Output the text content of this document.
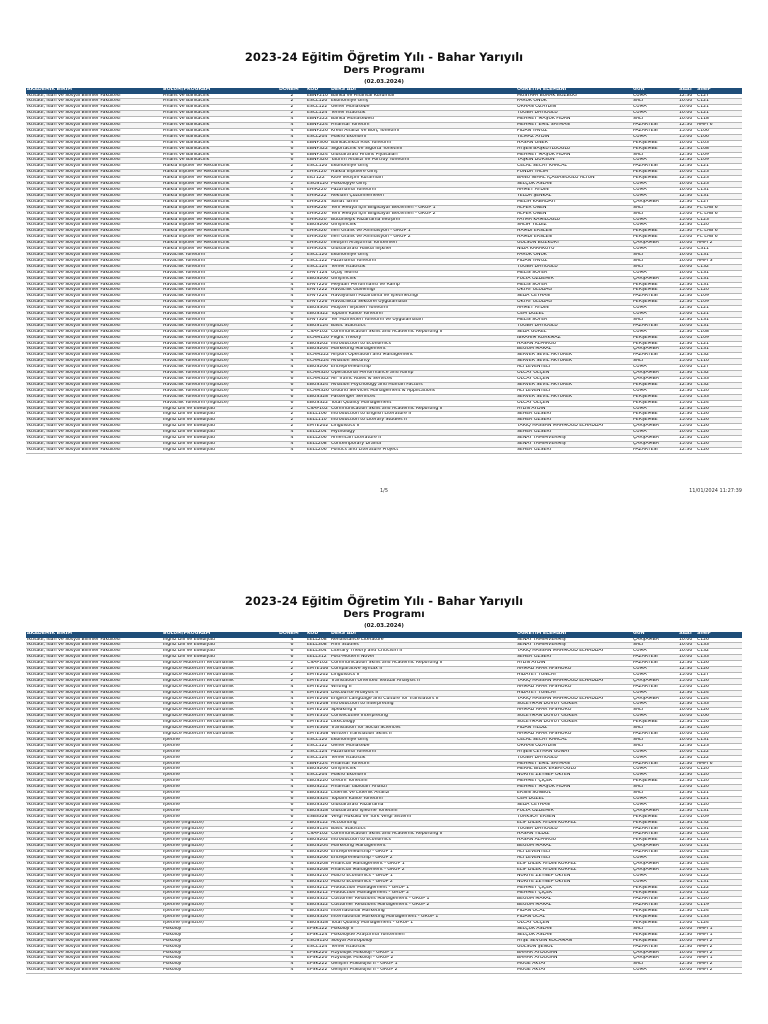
2023-24 Eğitim Öğretim Yılı - Bahar Yarıyılı
Ders Programı
(02.03.2024)
AKADEMİK BİRİM	BÖLÜM/PROGRAM	DÖNEM	KOD	DERS ADI	ÖĞRETİM ELEMANI	GÜN	SAAT	SINIF
İktisadi, İdari ve Sosyal Bilimler Fakültesi	Finans ve Bankacılık	2	EBNF210	Banka ve Finansal Kurumlar	MUSTAFA BURAK BOZBOĞ	CUMA	12:30	C127
İktisadi, İdari ve Sosyal Bilimler Fakültesi	Finans ve Bankacılık	2	ESCL120	Ekonomiye Giriş	FARUK ONUK	SALI	10:00	C121
İktisadi, İdari ve Sosyal Bilimler Fakültesi	Finans ve Bankacılık	2	ESCL122	Genel Muhasebe	ORHAN ÖZAYDIN	CUMA	10:00	C121
İktisadi, İdari ve Sosyal Bilimler Fakültesi	Finans ve Bankacılık	2	ESCL124	Temel İstatistik	TUĞBA DAYIOĞLU	CUMA	10:00	C121
İktisadi, İdari ve Sosyal Bilimler Fakültesi	Finans ve Bankacılık	4	EBNF222	Banka Muhasebesi	MEHMET MAŞUK FİDAN	SALI	10:00	C118
İktisadi, İdari ve Sosyal Bilimler Fakültesi	Finans ve Bankacılık	4	EBNF224	Finansal Yönetim	MEHMET EMİL SAYMAN	PAZARTESİ	12:30	AMFİ 6
İktisadi, İdari ve Sosyal Bilimler Fakültesi	Finans ve Bankacılık	4	EBNF226	Kredi Analizi ve Borç Yönetimi	FİDAN YAVUZ	PAZARTESİ	15:00	C106
İktisadi, İdari ve Sosyal Bilimler Fakültesi	Finans ve Bankacılık	4	ESCL204	Makro Ekonomi	YILMAZ AYDIN	CUMA	15:00	C106
İktisadi, İdari ve Sosyal Bilimler Fakültesi	Finans ve Bankacılık	4	EBNF306	Bankacılıkta Risk Yönetimi	HASAN ÖNER	PERŞEMBE	10:00	C103
İktisadi, İdari ve Sosyal Bilimler Fakültesi	Finans ve Bankacılık	6	EBNF322	Sigortacılık ve Sigorta Yönetimi	AYŞEN BAŞKUTLUOĞLU	PERŞEMBE	12:30	C108
İktisadi, İdari ve Sosyal Bilimler Fakültesi	Finans ve Bankacılık	6	EBNF324	Uluslararası Finans Piyasaları	MEHMET MAŞUK FİDAN	SALI	12:30	C109
İktisadi, İdari ve Sosyal Bilimler Fakültesi	Finans ve Bankacılık	6	EBNF326	Yatırım Analizi ve Portföy Yönetimi	TAŞKIN DURSUN	CUMA	12:30	C109
İktisadi, İdari ve Sosyal Bilimler Fakültesi	Halkla İlişkiler ve Reklamcılık	2	ESCL120	Ekonomiye Giriş	CELAL SECAT KARCAL	PAZARTESİ	12:30	C121
İktisadi, İdari ve Sosyal Bilimler Fakültesi	Halkla İlişkiler ve Reklamcılık	2	EHIR120	Halkla İlişkilere Giriş	FUNDA YALIM	PERŞEMBE	10:00	C123
İktisadi, İdari ve Sosyal Bilimler Fakültesi	Halkla İlişkiler ve Reklamcılık	2	EILT122	Kitle İletişim Kuramları	BANU NİHAL İÇAĞASIOĞLU ALTUN	PERŞEMBE	12:30	C123
İktisadi, İdari ve Sosyal Bilimler Fakültesi	Halkla İlişkiler ve Reklamcılık	2	ESOS120	Psikolojiye Giriş	SELÇUK ASLAN	CUMA	10:00	C123
İktisadi, İdari ve Sosyal Bilimler Fakültesi	Halkla İlişkiler ve Reklamcılık	4	EHIR220	Pazarlama Yönetimi	AHMET AYDIN	CUMA	10:00	C131
İktisadi, İdari ve Sosyal Bilimler Fakültesi	Halkla İlişkiler ve Reklamcılık	4	EHIR222	Reklam Çözümlemeleri	YELDA ŞENKAL	CUMA	12:30	C131
İktisadi, İdari ve Sosyal Bilimler Fakültesi	Halkla İlişkiler ve Reklamcılık	4	EHIR224	Sanat Tarihi	MELİH KABADAYI	ÇARŞAMBA	12:30	C127
İktisadi, İdari ve Sosyal Bilimler Fakültesi	Halkla İlişkiler ve Reklamcılık	4	EHIR226	Yeni Medya İçin Bilgisayar Becerileri - GRUP 1	ALPER ÖNEN	SALI	12:30	FC LAB 6
İktisadi, İdari ve Sosyal Bilimler Fakültesi	Halkla İlişkiler ve Reklamcılık	4	EHIR226	Yeni Medya İçin Bilgisayar Becerileri - GRUP 2	ALPER ÖNEN	SALI	15:00	FC LAB 6
İktisadi, İdari ve Sosyal Bilimler Fakültesi	Halkla İlişkiler ve Reklamcılık	6	EHIR320	Bütünleşik Pazarlama İletişimi	FATMA KAMİLOĞLU	CUMA	15:00	C123
İktisadi, İdari ve Sosyal Bilimler Fakültesi	Halkla İlişkiler ve Reklamcılık	6	EBUS206	Girişimcilik	SALİH YILDIZ	CUMA	12:30	C120
İktisadi, İdari ve Sosyal Bilimler Fakültesi	Halkla İlişkiler ve Reklamcılık	6	EHIR326	İleri Grafik ve Animasyon - GRUP 1	HAMDİ ERSLEN	PERŞEMBE	12:30	FC LAB 6
İktisadi, İdari ve Sosyal Bilimler Fakültesi	Halkla İlişkiler ve Reklamcılık	6	EHIR326	İleri Grafik ve Animasyon - GRUP 2	HAMDİ ERSLEN	PERŞEMBE	15:00	FC LAB 6
İktisadi, İdari ve Sosyal Bilimler Fakültesi	Halkla İlişkiler ve Reklamcılık	6	EHIR320	İletişim Araştırma Yöntemleri	GÜLSÜN BOZKURT	ÇARŞAMBA	10:00	AMFİ 2
İktisadi, İdari ve Sosyal Bilimler Fakültesi	Halkla İlişkiler ve Reklamcılık	6	EHIR324	Uluslararası Halkla İlişkiler	NİDA KARAKUYU	CUMA	15:00	C311
İktisadi, İdari ve Sosyal Bilimler Fakültesi	Havacılık Yönetimi	2	ESCL120	Ekonomiye Giriş	FARUK ONUK	SALI	10:00	C131
İktisadi, İdari ve Sosyal Bilimler Fakültesi	Havacılık Yönetimi	2	ESCL122	Pazarlama Yönetimi	FİDAN YAVUZ	SALI	10:00	AMFİ 3
İktisadi, İdari ve Sosyal Bilimler Fakültesi	Havacılık Yönetimi	2	ESCL124	Temel İstatistik	TUĞBA DAYIOĞLU	SALI	10:00	C132
İktisadi, İdari ve Sosyal Bilimler Fakültesi	Havacılık Yönetimi	2	EAVY124	Uçuş Teorisi	MELİS SOYER	CUMA	10:00	C131
İktisadi, İdari ve Sosyal Bilimler Fakültesi	Havacılık Yönetimi	2	EBUS206	Girişimcilik	FULYA ÖZDEMİR	ÇARŞAMBA	15:00	C131
İktisadi, İdari ve Sosyal Bilimler Fakültesi	Havacılık Yönetimi	4	EAVY220	Meydan Performansı ve Ramp	MELİS SOYER	PERŞEMBE	12:30	C131
İktisadi, İdari ve Sosyal Bilimler Fakültesi	Havacılık Yönetimi	4	EAVY222	Havacılık Güvenliği	OKTAY ULUDAĞ	PERŞEMBE	15:00	C120
İktisadi, İdari ve Sosyal Bilimler Fakültesi	Havacılık Yönetimi	4	EAVY224	Havayolları Pazarlama ve İşletmeciliği	SEDA CEYHAN	PAZARTESİ	12:30	C109
İktisadi, İdari ve Sosyal Bilimler Fakültesi	Havacılık Yönetimi	4	EAVY226	Havacılıkta Sektörel Uygulamalar	OKTAY ULUDAĞ	PERŞEMBE	12:30	C109
İktisadi, İdari ve Sosyal Bilimler Fakültesi	Havacılık Yönetimi	6	EBUS304	Müşteri İlişkileri Yönetimi	AHMET AYDIN	CUMA	12:30	C121
İktisadi, İdari ve Sosyal Bilimler Fakültesi	Havacılık Yönetimi	6	EBUS322	Toplam Kalite Yönetimi	CEM DÜZEL	CUMA	15:00	C121
İktisadi, İdari ve Sosyal Bilimler Fakültesi	Havacılık Yönetimi	6	EAVY320	Yer Hizmetleri Yönetimi ve Uygulamaları	MELİS SOYER	SALI	12:30	C131
İktisadi, İdari ve Sosyal Bilimler Fakültesi	Havacılık Yönetimi (İngilizce)	2	EBUS124	Basic Statistics	TUĞBA DAYIOĞLU	PAZARTESİ	10:00	C131
İktisadi, İdari ve Sosyal Bilimler Fakültesi	Havacılık Yönetimi (İngilizce)	2	CSAP102	Communication Skills and Academic Reporting II	SEDA GÜREL	CUMA	12:30	C108
İktisadi, İdari ve Sosyal Bilimler Fakültesi	Havacılık Yönetimi (İngilizce)	2	ECAM120	Flight Theory	İBRAHİM KORKMAZ	PERŞEMBE	10:00	C109
İktisadi, İdari ve Sosyal Bilimler Fakültesi	Havacılık Yönetimi (İngilizce)	2	EBUS202	Introduction to Economics	HASAN ALPARGU	PERŞEMBE	12:30	C121
İktisadi, İdari ve Sosyal Bilimler Fakültesi	Havacılık Yönetimi (İngilizce)	4	EBUS204	Marketing Management	BEGÜM MARAL	ÇARŞAMBA	10:00	C131
İktisadi, İdari ve Sosyal Bilimler Fakültesi	Havacılık Yönetimi (İngilizce)	4	ECAM222	Airport Operation and Management	SERVER SEVİL AKYÜREK	PAZARTESİ	12:30	C132
İktisadi, İdari ve Sosyal Bilimler Fakültesi	Havacılık Yönetimi (İngilizce)	4	ECAM224	Aviation Security	SERVER SEVİL AKYÜREK	SALI	15:00	C110
İktisadi, İdari ve Sosyal Bilimler Fakültesi	Havacılık Yönetimi (İngilizce)	4	EBUS206	Entrepreneurship	ALİ LEVENTELİ	CUMA	10:00	C127
İktisadi, İdari ve Sosyal Bilimler Fakültesi	Havacılık Yönetimi (İngilizce)	6	ECAM320	Operational Performance and Ramp	OLCAY ÖLÇEN	ÇARŞAMBA	12:30	C132
İktisadi, İdari ve Sosyal Bilimler Fakültesi	Havacılık Yönetimi (İngilizce)	6	ECAM322	Air Traffic Rules & Services	OLCAY ÖLÇEN	ÇARŞAMBA	15:00	C133
İktisadi, İdari ve Sosyal Bilimler Fakültesi	Havacılık Yönetimi (İngilizce)	6	EBUS324	Aviation Psychology and Human Factors	SERVER SEVİL AKYÜREK	PERŞEMBE	12:30	C132
İktisadi, İdari ve Sosyal Bilimler Fakültesi	Havacılık Yönetimi (İngilizce)	6	ECAM326	Ground Services Management & Applications	ALİ LEVENTELİ	CUMA	12:30	C120
İktisadi, İdari ve Sosyal Bilimler Fakültesi	Havacılık Yönetimi (İngilizce)	6	EBUS328	Passenger Services	SERVER SEVİL AKYÜREK	PERŞEMBE	15:00	C133
İktisadi, İdari ve Sosyal Bilimler Fakültesi	Havacılık Yönetimi (İngilizce)	6	EBUS322	Total Quality Management	OLCAY ÖLÇEN	PERŞEMBE	15:00	C124
İktisadi, İdari ve Sosyal Bilimler Fakültesi	İngiliz Dili ve Edebiyatı	2	CSAP102	Communication Skills and Academic Reporting II	AYLİN AYDIN	CUMA	12:30	C126
İktisadi, İdari ve Sosyal Bilimler Fakültesi	İngiliz Dili ve Edebiyatı	2	EELL106	Introduction to English Literature II	SEHER ÖZSERT	PERŞEMBE	12:30	C126
İktisadi, İdari ve Sosyal Bilimler Fakültesi	İngiliz Dili ve Edebiyatı	2	EELL110	Introduction to Literary Studies II	SEHER ÖZSERT	PERŞEMBE	15:00	C126
İktisadi, İdari ve Sosyal Bilimler Fakültesi	İngiliz Dili ve Edebiyatı	2	EMTE202	Linguistics II	TARIQ HASSAN MAHMOUD ELHADDAY	ÇARŞAMBA	15:00	C126
İktisadi, İdari ve Sosyal Bilimler Fakültesi	İngiliz Dili ve Edebiyatı	4	EELL204	Mythology	SEHER ÖZSERT	CUMA	10:00	C126
İktisadi, İdari ve Sosyal Bilimler Fakültesi	İngiliz Dili ve Edebiyatı	4	EELL206	American Literature II	SENAY TAMİMVERMİŞ	ÇARŞAMBA	12:30	C126
İktisadi, İdari ve Sosyal Bilimler Fakültesi	İngiliz Dili ve Edebiyatı	4	EELL208	Contemporary Drama	SENAY TAMİMVERMİŞ	ÇARŞAMBA	15:00	C126
İktisadi, İdari ve Sosyal Bilimler Fakültesi	İngiliz Dili ve Edebiyatı	4	EELL206	Politics and Literature Project	SEHER ÖZSERT	PAZARTESİ	12:30	C126
1/5	11/01/2024 11:27:39
2023-24 Eğitim Öğretim Yılı - Bahar Yarıyılı
Ders Programı
(02.03.2024)
AKADEMİK BİRİM	BÖLÜM/PROGRAM	DÖNEM	KOD	DERS ADI	ÖĞRETİM ELEMANI	GÜN	SAAT	SINIF
İktisadi, İdari ve Sosyal Bilimler Fakültesi	İngiliz Dili ve Edebiyatı	4	EELL208	Renaissance Literature	SENAY TAMİMVERMİŞ	ÇARŞAMBA	10:00	C126
İktisadi, İdari ve Sosyal Bilimler Fakültesi	İngiliz Dili ve Edebiyatı	6	EELL308	Film Studies	SENAY TAMİMVERMİŞ	SALI	10:00	C133
İktisadi, İdari ve Sosyal Bilimler Fakültesi	İngiliz Dili ve Edebiyatı	6	EELL304	Literary Theory and Criticism II	TARIQ HASSAN MAHMOUD ELHADDAY	CUMA	10:00	C132
İktisadi, İdari ve Sosyal Bilimler Fakültesi	İngiliz Dili ve Edebiyatı	6	EELL312	Post-Modern Novel	SEHER ÖZSERT	PAZARTESİ	10:00	C133
İktisadi, İdari ve Sosyal Bilimler Fakültesi	İngilizce Mütercim Tercümanlık	2	CSAP102	Communication Skills and Academic Reporting II	AYLİN AYDIN	PAZARTESİ	12:30	C126
İktisadi, İdari ve Sosyal Bilimler Fakültesi	İngilizce Mütercim Tercümanlık	2	EMTE106	Comparative Syntax II	AHMAD AFAR AFSHORO	CUMA	12:30	C126
İktisadi, İdari ve Sosyal Bilimler Fakültesi	İngilizce Mütercim Tercümanlık	2	EMTE202	Linguistics II	HİDAYET TUNCAY	CUMA	15:00	C127
İktisadi, İdari ve Sosyal Bilimler Fakültesi	İngilizce Mütercim Tercümanlık	2	EMTE102	Translation Oriented Textual Analysis II	TARIQ HASSAN MAHMOUD ELHADDAY	ÇARŞAMBA	15:00	C126
İktisadi, İdari ve Sosyal Bilimler Fakültesi	İngilizce Mütercim Tercümanlık	4	EMTE202	Writing II	AHMAD AFAR AFSHORO	PAZARTESİ	15:00	C126
İktisadi, İdari ve Sosyal Bilimler Fakültesi	İngilizce Mütercim Tercümanlık	4	EMTE204	Discourse Analysis II	HİDAYET TUNCAY	CUMA	12:30	C124
İktisadi, İdari ve Sosyal Bilimler Fakültesi	İngilizce Mütercim Tercümanlık	4	EMTE206	English Language and Culture for Translators II	TARIQ HASSAN MAHMOUD ELHADDAY	ÇARŞAMBA	10:00	C124
İktisadi, İdari ve Sosyal Bilimler Fakültesi	İngilizce Mütercim Tercümanlık	4	EMTE208	Introduction to Interpreting	SÜLEYMAN DUVUT GÖKER	CUMA	12:30	C133
İktisadi, İdari ve Sosyal Bilimler Fakültesi	İngilizce Mütercim Tercümanlık	4	EMTE210	Speaking II	AHMAD AFAR AFSHORO	SALI	10:00	C126
İktisadi, İdari ve Sosyal Bilimler Fakültesi	İngilizce Mütercim Tercümanlık	6	EMTE310	Consecutive Interpreting	SÜLEYMAN DUVUT GÖKER	CUMA	10:00	C106
İktisadi, İdari ve Sosyal Bilimler Fakültesi	İngilizce Mütercim Tercümanlık	6	EMTE312	Lexicology	SÜLEYMAN DUVUT GÖKER	PERŞEMBE	12:30	C126
İktisadi, İdari ve Sosyal Bilimler Fakültesi	İngilizce Mütercim Tercümanlık	6	EMTE306	Translation for Social Sciences	FİDAN YILDIZ	SALI	12:30	C126
İktisadi, İdari ve Sosyal Bilimler Fakültesi	İngilizce Mütercim Tercümanlık	6	EMTE308	Written Translation Skills II	AHMAD AFAR AFSHORO	PAZARTESİ	10:00	C126
İktisadi, İdari ve Sosyal Bilimler Fakültesi	İşletme	2	ESCL120	Ekonomiye Giriş	CELAL SECAT KARCAL	SALI	10:00	C131
İktisadi, İdari ve Sosyal Bilimler Fakültesi	İşletme	2	ESCL122	Genel Muhasebe	ORHAN ÖZAYDIN	SALI	12:30	C123
İktisadi, İdari ve Sosyal Bilimler Fakültesi	İşletme	2	ESCL124	Pazarlama Yönetimi	AYŞEN CEYHAN GÜNAY	CUMA	10:00	C122
İktisadi, İdari ve Sosyal Bilimler Fakültesi	İşletme	2	ESCL124	Temel İstatistik	TUĞBA DAYIOĞLU	CUMA	12:30	C122
İktisadi, İdari ve Sosyal Bilimler Fakültesi	İşletme	4	EBNF224	Finansal Yönetim	MEHMET EMİL SAYMAN	PAZARTESİ	12:30	AMFİ 6
İktisadi, İdari ve Sosyal Bilimler Fakültesi	İşletme	4	EBUS206	Girişimcilik	MERAL BİLEK ERBATOĞLU	CUMA	10:00	C120
İktisadi, İdari ve Sosyal Bilimler Fakültesi	İşletme	4	ESCL204	Makro Ekonomi	NURİYE ZEYNEP ÖKTEN	CUMA	12:30	C120
İktisadi, İdari ve Sosyal Bilimler Fakültesi	İşletme	4	EBUS220	Üretim Yönetimi	MEHMET ÇİÇEK	PERŞEMBE	12:30	C120
İktisadi, İdari ve Sosyal Bilimler Fakültesi	İşletme	4	EBUS222	Finansal Tabloları Analizi	MEHMET MAŞUK FİDAN	SALI	15:00	C120
İktisadi, İdari ve Sosyal Bilimler Fakültesi	İşletme	6	EBUS322	Liderlik ve Liderlik Analizi	ERSİN SÜNBÜL	SALI	12:30	C121
İktisadi, İdari ve Sosyal Bilimler Fakültesi	İşletme	6	EBUS324	Toplam Kalite Yönetimi	CEM DÜZEL	CUMA	15:00	C121
İktisadi, İdari ve Sosyal Bilimler Fakültesi	İşletme	6	EBUS326	Uluslararası Pazarlama	SEDA CEYHAN	CUMA	12:30	C120
İktisadi, İdari ve Sosyal Bilimler Fakültesi	İşletme	6	EBUS328	Uluslararası İşletme Yönetimi	FULYA ÖZDEMİR	ÇARŞAMBA	12:30	C131
İktisadi, İdari ve Sosyal Bilimler Fakültesi	İşletme	6	ESBS328	Vergi Hukuku ve Türk Vergi Sistemi	TÜRKSOY ERSEN	PERŞEMBE	15:00	C109
İktisadi, İdari ve Sosyal Bilimler Fakültesi	İşletme (İngilizce)	2	EBUS122	Accounting	ELİF DİLEK AYDIN KÖRFEZ	PERŞEMBE	12:30	C132
İktisadi, İdari ve Sosyal Bilimler Fakültesi	İşletme (İngilizce)	2	EBUS124	Basic Statistics	TUĞBA DAYIOĞLU	PAZARTESİ	10:00	C131
İktisadi, İdari ve Sosyal Bilimler Fakültesi	İşletme (İngilizce)	2	CSAP102	Communication Skills and Academic Reporting II	HASAN YILDIZ	PAZARTESİ	12:30	C126
İktisadi, İdari ve Sosyal Bilimler Fakültesi	İşletme (İngilizce)	2	EBUS202	Introduction to Economics	HASAN ALPARGU	PERŞEMBE	12:30	C121
İktisadi, İdari ve Sosyal Bilimler Fakültesi	İşletme (İngilizce)	2	EBUS204	Marketing Management	BEGÜM MARAL	ÇARŞAMBA	10:00	C131
İktisadi, İdari ve Sosyal Bilimler Fakültesi	İşletme (İngilizce)	4	EBUS206	Entrepreneurship - GRUP 1	ALİ LEVENTELİ	PAZARTESİ	10:00	C124
İktisadi, İdari ve Sosyal Bilimler Fakültesi	İşletme (İngilizce)	4	EBUS206	Entrepreneurship - GRUP 2	ALİ LEVENTELİ	CUMA	10:00	C131
İktisadi, İdari ve Sosyal Bilimler Fakültesi	İşletme (İngilizce)	4	EBUS208	Financial Management - GRUP 1	ELİF DİLEK AYDIN KÖRFEZ	ÇARŞAMBA	12:30	C124
İktisadi, İdari ve Sosyal Bilimler Fakültesi	İşletme (İngilizce)	4	EBUS208	Financial Management - GRUP 2	ELİF DİLEK AYDIN KÖRFEZ	ÇARŞAMBA	15:00	C124
İktisadi, İdari ve Sosyal Bilimler Fakültesi	İşletme (İngilizce)	4	EBUS210	Macro Economics - GRUP 1	NURİYE ZEYNEP ÖKTEN	CUMA	10:00	C122
İktisadi, İdari ve Sosyal Bilimler Fakültesi	İşletme (İngilizce)	4	EBUS210	Macro Economics - GRUP 2	NURİYE ZEYNEP ÖKTEN	CUMA	15:00	C131
İktisadi, İdari ve Sosyal Bilimler Fakültesi	İşletme (İngilizce)	4	EBUS212	Production Management - GRUP 1	MEHMET ÇİÇEK	PERŞEMBE	10:00	C122
İktisadi, İdari ve Sosyal Bilimler Fakültesi	İşletme (İngilizce)	4	EBUS212	Production Management - GRUP 2	MEHMET ÇİÇEK	PERŞEMBE	15:00	C122
İktisadi, İdari ve Sosyal Bilimler Fakültesi	İşletme (İngilizce)	6	EBUS322	Customer Relations Management - GRUP 1	BEGÜM MARAL	PAZARTESİ	12:30	C120
İktisadi, İdari ve Sosyal Bilimler Fakültesi	İşletme (İngilizce)	6	EBUS322	Customer Relations Management - GRUP 2	BEGÜM MARAL	PAZARTESİ	15:00	C119
İktisadi, İdari ve Sosyal Bilimler Fakültesi	İşletme (İngilizce)	6	EBUS324	International Marketing	FİDAN ÖCAL	PERŞEMBE	12:30	C124
İktisadi, İdari ve Sosyal Bilimler Fakültesi	İşletme (İngilizce)	6	EBUS326	International Marketing Management - GRUP 1	FİDAN ÖCAL	PERŞEMBE	15:00	C133
İktisadi, İdari ve Sosyal Bilimler Fakültesi	İşletme (İngilizce)	6	EBUS328	Total Quality Management - GRUP 1	OLCAY ÖLÇEN	PERŞEMBE	15:00	C124
İktisadi, İdari ve Sosyal Bilimler Fakültesi	Psikoloji	2	EPSK122	Psikoloji II	SELÇUK ASLAN	SALI	10:00	AMFİ 1
İktisadi, İdari ve Sosyal Bilimler Fakültesi	Psikoloji	2	EPSK124	Psikolojide Araştırma Yöntemleri	SELÇUK ASLAN	PERŞEMBE	12:30	AMFİ 1
İktisadi, İdari ve Sosyal Bilimler Fakültesi	Psikoloji	2	ESOS120	Sosyal Antropoloji	AYŞE SEVGİN KOCAMAN	PERŞEMBE	10:00	AMFİ 2
İktisadi, İdari ve Sosyal Bilimler Fakültesi	Psikoloji	2	ESCL124	Temel İstatistik	GÜLSÜN ŞENOL	PAZARTESİ	12:30	AMFİ 2
İktisadi, İdari ve Sosyal Bilimler Fakültesi	Psikoloji	4	EPSK220	Fizyolojik Psikoloji - GRUP 1	BAHAR AYDOĞAN	ÇARŞAMBA	10:00	AMFİ 2
İktisadi, İdari ve Sosyal Bilimler Fakültesi	Psikoloji	4	EPSK220	Fizyolojik Psikoloji - GRUP 2	BAHAR AYDOĞAN	ÇARŞAMBA	15:00	AMFİ 1
İktisadi, İdari ve Sosyal Bilimler Fakültesi	Psikoloji	4	EPSK222	Gelişim Psikolojisi II - GRUP 1	MUGE AKTAY	SALI	12:30	AMFİ 2
İktisadi, İdari ve Sosyal Bilimler Fakültesi	Psikoloji	4	EPSK222	Gelişim Psikolojisi II - GRUP 2	MUGE AKTAY	CUMA	10:00	AMFİ 2
